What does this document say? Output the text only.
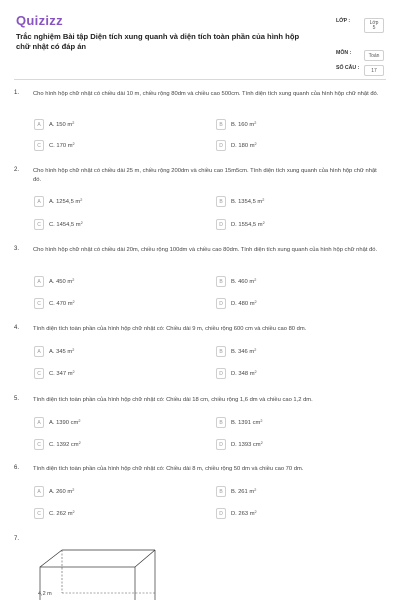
Quizizz
Trắc nghiệm Bài tập Diện tích xung quanh và diện tích toàn phần của hình hộp chữ nhật có đáp án
LỚP :	Lớp 5
MÔN :	Toán
SỐ CÂU :	17
1. Cho hình hộp chữ nhật có chiều dài 10 m, chiều rộng 80dm và chiều cao 500cm. Tính diện tích xung quanh của hình hộp chữ nhật đó.
A	A. 150 $m^2$	B	B. 160 $m^2$
C	C. 170 $m^2$	D	D. 180 $m^2$
2. Cho hình hộp chữ nhật có chiều dài 25 m, chiều rộng 200dm và chiều cao 15m5cm. Tính diện tích xung quanh của hình hộp chữ nhật đó.
A	A. 1254,5 $m^2$	B	B. 1354,5 $m^2$
C	C. 1454,5 $m^2$	D	D. 1554,5 $m^2$
3. Cho hình hộp chữ nhật có chiều dài 20m, chiều rộng 100dm và chiều cao 80dm. Tính diện tích xung quanh của hình hộp chữ nhật đó.
A	A. 450 $m^2$	B	B. 460 $m^2$
C	C. 470 $m^2$	D	D. 480 $m^2$
4. Tính diện tích toàn phần của hình hộp chữ nhật có: Chiều dài 9 m, chiều rộng 600 cm và chiều cao 80 dm.
A	A. 345 $m^2$	B	B. 346 $m^2$
C	C. 347 $m^2$	D	D. 348 $m^2$
5. Tính diện tích toàn phần của hình hộp chữ nhật có: Chiều dài 18 cm, chiều rộng 1,6 dm và chiều cao 1,2 dm.
A	A. 1390 $cm^2$	B	B. 1391 $cm^2$
C	C. 1392 $cm^2$	D	D. 1393 $cm^2$
6. Tính diện tích toàn phần của hình hộp chữ nhật có: Chiều dài 8 m, chiều rộng 50 dm và chiều cao 70 dm.
A	A. 260 $m^2$	B	B. 261 $m^2$
C	C. 262 $m^2$	D	D. 263 $m^2$
7.
4,2 m
